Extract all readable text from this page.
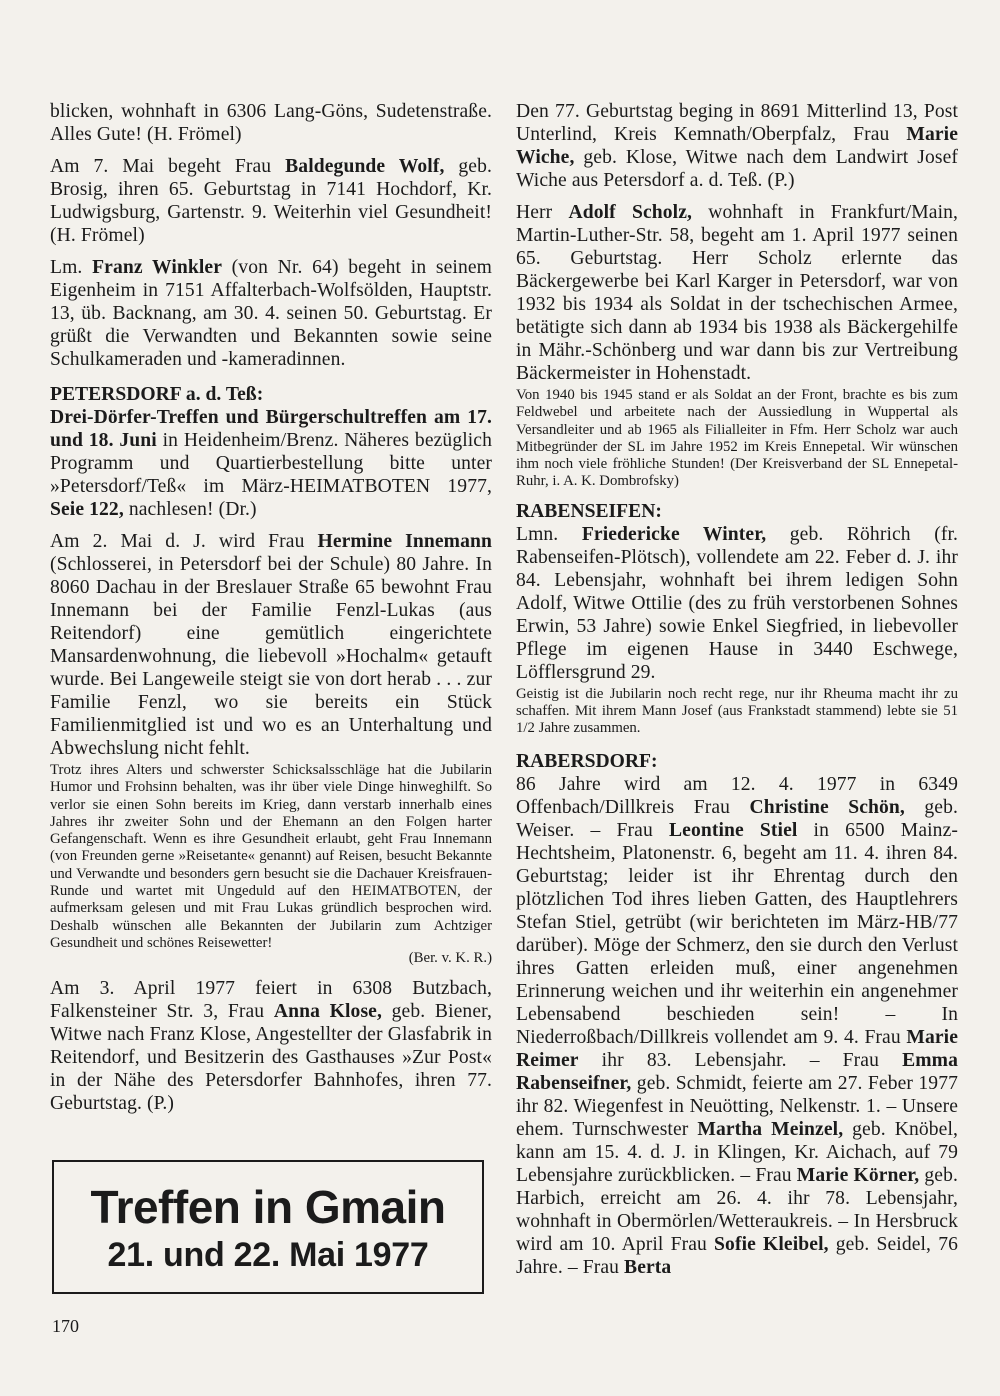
blicken, wohnhaft in 6306 Lang-Göns, Sudetenstraße. Alles Gute! (H. Frömel)

Am 7. Mai begeht Frau Baldegunde Wolf, geb. Brosig, ihren 65. Geburtstag in 7141 Hochdorf, Kr. Ludwigsburg, Gartenstr. 9. Weiterhin viel Gesundheit! (H. Frömel)

Lm. Franz Winkler (von Nr. 64) begeht in seinem Eigenheim in 7151 Affalterbach-Wolfsölden, Hauptstr. 13, üb. Backnang, am 30. 4. seinen 50. Geburtstag. Er grüßt die Verwandten und Bekannten sowie seine Schulkameraden und -kameradinnen.

PETERSDORF a. d. Teß:

Drei-Dörfer-Treffen und Bürgerschultreffen am 17. und 18. Juni in Heidenheim/Brenz. Näheres bezüglich Programm und Quartierbestellung bitte unter »Petersdorf/Teß« im März-HEIMATBOTEN 1977, Seie 122, nachlesen! (Dr.)

Am 2. Mai d. J. wird Frau Hermine Innemann (Schlosserei, in Petersdorf bei der Schule) 80 Jahre. In 8060 Dachau in der Breslauer Straße 65 bewohnt Frau Innemann bei der Familie Fenzl-Lukas (aus Reitendorf) eine gemütlich eingerichtete Mansardenwohnung, die liebevoll »Hochalm« getauft wurde. Bei Langeweile steigt sie von dort herab . . . zur Familie Fenzl, wo sie bereits ein Stück Familienmitglied ist und wo es an Unterhaltung und Abwechslung nicht fehlt.

Trotz ihres Alters und schwerster Schicksalsschläge hat die Jubilarin Humor und Frohsinn behalten, was ihr über viele Dinge hinweghilft. So verlor sie einen Sohn bereits im Krieg, dann verstarb innerhalb eines Jahres ihr zweiter Sohn und der Ehemann an den Folgen harter Gefangenschaft. Wenn es ihre Gesundheit erlaubt, geht Frau Innemann (von Freunden gerne »Reisetante« genannt) auf Reisen, besucht Bekannte und Verwandte und besonders gern besucht sie die Dachauer Kreisfrauen-Runde und wartet mit Ungeduld auf den HEIMATBOTEN, der aufmerksam gelesen und mit Frau Lukas gründlich besprochen wird. Deshalb wünschen alle Bekannten der Jubilarin zum Achtziger Gesundheit und schönes Reisewetter!

(Ber. v. K. R.)

Am 3. April 1977 feiert in 6308 Butzbach, Falkensteiner Str. 3, Frau Anna Klose, geb. Biener, Witwe nach Franz Klose, Angestellter der Glasfabrik in Reitendorf, und Besitzerin des Gasthauses »Zur Post« in der Nähe des Petersdorfer Bahnhofes, ihren 77. Geburtstag. (P.)

Treffen in Gmain
21. und 22. Mai 1977
170

Den 77. Geburtstag beging in 8691 Mitterlind 13, Post Unterlind, Kreis Kemnath/Oberpfalz, Frau Marie Wiche, geb. Klose, Witwe nach dem Landwirt Josef Wiche aus Petersdorf a. d. Teß. (P.)

Herr Adolf Scholz, wohnhaft in Frankfurt/Main, Martin-Luther-Str. 58, begeht am 1. April 1977 seinen 65. Geburtstag. Herr Scholz erlernte das Bäckergewerbe bei Karl Karger in Petersdorf, war von 1932 bis 1934 als Soldat in der tschechischen Armee, betätigte sich dann ab 1934 bis 1938 als Bäckergehilfe in Mähr.-Schönberg und war dann bis zur Vertreibung Bäckermeister in Hohenstadt.

Von 1940 bis 1945 stand er als Soldat an der Front, brachte es bis zum Feldwebel und arbeitete nach der Aussiedlung in Wuppertal als Versandleiter und ab 1965 als Filialleiter in Ffm. Herr Scholz war auch Mitbegründer der SL im Jahre 1952 im Kreis Ennepetal. Wir wünschen ihm noch viele fröhliche Stunden! (Der Kreisverband der SL Ennepetal-Ruhr, i. A. K. Dombrofsky)

RABENSEIFEN:

Lmn. Friedericke Winter, geb. Röhrich (fr. Rabenseifen-Plötsch), vollendete am 22. Feber d. J. ihr 84. Lebensjahr, wohnhaft bei ihrem ledigen Sohn Adolf, Witwe Ottilie (des zu früh verstorbenen Sohnes Erwin, 53 Jahre) sowie Enkel Siegfried, in liebevoller Pflege im eigenen Hause in 3440 Eschwege, Löfflersgrund 29.

Geistig ist die Jubilarin noch recht rege, nur ihr Rheuma macht ihr zu schaffen. Mit ihrem Mann Josef (aus Frankstadt stammend) lebte sie 51 1/2 Jahre zusammen.

RABERSDORF:

86 Jahre wird am 12. 4. 1977 in 6349 Offenbach/Dillkreis Frau Christine Schön, geb. Weiser. – Frau Leontine Stiel in 6500 Mainz-Hechtsheim, Platonenstr. 6, begeht am 11. 4. ihren 84. Geburtstag; leider ist ihr Ehrentag durch den plötzlichen Tod ihres lieben Gatten, des Hauptlehrers Stefan Stiel, getrübt (wir berichteten im März-HB/77 darüber). Möge der Schmerz, den sie durch den Verlust ihres Gatten erleiden muß, einer angenehmen Erinnerung weichen und ihr weiterhin ein angenehmer Lebensabend beschieden sein! – In Niederroßbach/Dillkreis vollendet am 9. 4. Frau Marie Reimer ihr 83. Lebensjahr. – Frau Emma Rabenseifner, geb. Schmidt, feierte am 27. Feber 1977 ihr 82. Wiegenfest in Neuötting, Nelkenstr. 1. – Unsere ehem. Turnschwester Martha Meinzel, geb. Knöbel, kann am 15. 4. d. J. in Klingen, Kr. Aichach, auf 79 Lebensjahre zurückblicken. – Frau Marie Körner, geb. Harbich, erreicht am 26. 4. ihr 78. Lebensjahr, wohnhaft in Obermörlen/Wetteraukreis. – In Hersbruck wird am 10. April Frau Sofie Kleibel, geb. Seidel, 76 Jahre. – Frau Berta
